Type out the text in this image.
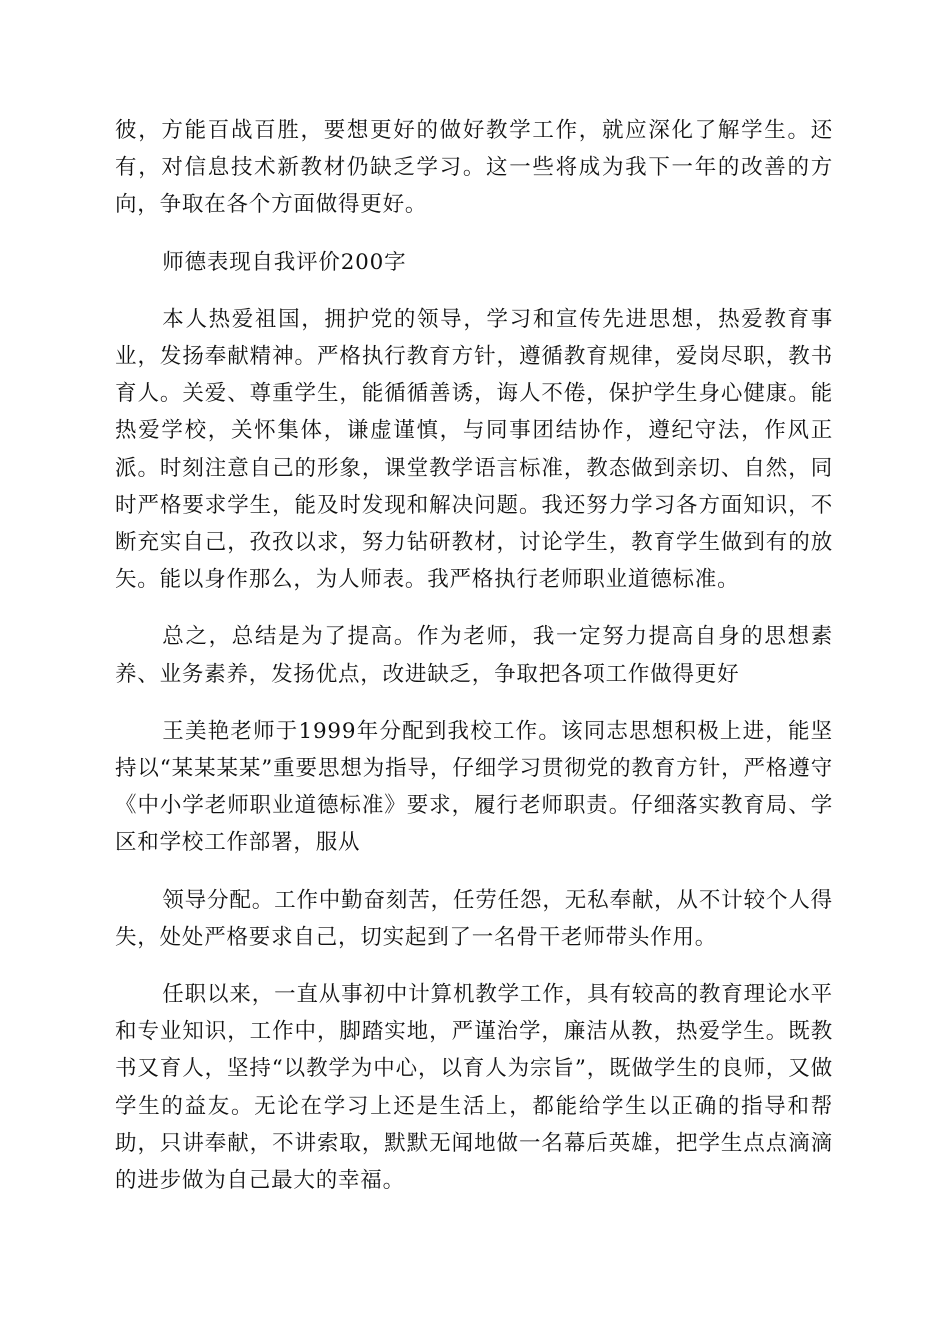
彼，方能百战百胜，要想更好的做好教学工作，就应深化了解学生。还有，对信息技术新教材仍缺乏学习。这一些将成为我下一年的改善的方向，争取在各个方面做得更好。

师德表现自我评价200字

本人热爱祖国，拥护党的领导，学习和宣传先进思想，热爱教育事业，发扬奉献精神。严格执行教育方针，遵循教育规律，爱岗尽职，教书育人。关爱、尊重学生，能循循善诱，诲人不倦，保护学生身心健康。能热爱学校，关怀集体，谦虚谨慎，与同事团结协作，遵纪守法，作风正派。时刻注意自己的形象，课堂教学语言标准，教态做到亲切、自然，同时严格要求学生，能及时发现和解决问题。我还努力学习各方面知识，不断充实自己，孜孜以求，努力钻研教材，讨论学生，教育学生做到有的放矢。能以身作那么，为人师表。我严格执行老师职业道德标准。

总之，总结是为了提高。作为老师，我一定努力提高自身的思想素养、业务素养，发扬优点，改进缺乏，争取把各项工作做得更好

王美艳老师于1999年分配到我校工作。该同志思想积极上进，能坚持以“某某某某”重要思想为指导，仔细学习贯彻党的教育方针，严格遵守《中小学老师职业道德标准》要求，履行老师职责。仔细落实教育局、学区和学校工作部署，服从

领导分配。工作中勤奋刻苦，任劳任怨，无私奉献，从不计较个人得失，处处严格要求自己，切实起到了一名骨干老师带头作用。

任职以来，一直从事初中计算机教学工作，具有较高的教育理论水平和专业知识，工作中，脚踏实地，严谨治学，廉洁从教，热爱学生。既教书又育人，坚持“以教学为中心，以育人为宗旨”，既做学生的良师，又做学生的益友。无论在学习上还是生活上，都能给学生以正确的指导和帮助，只讲奉献，不讲索取，默默无闻地做一名幕后英雄，把学生点点滴滴的进步做为自己最大的幸福。
